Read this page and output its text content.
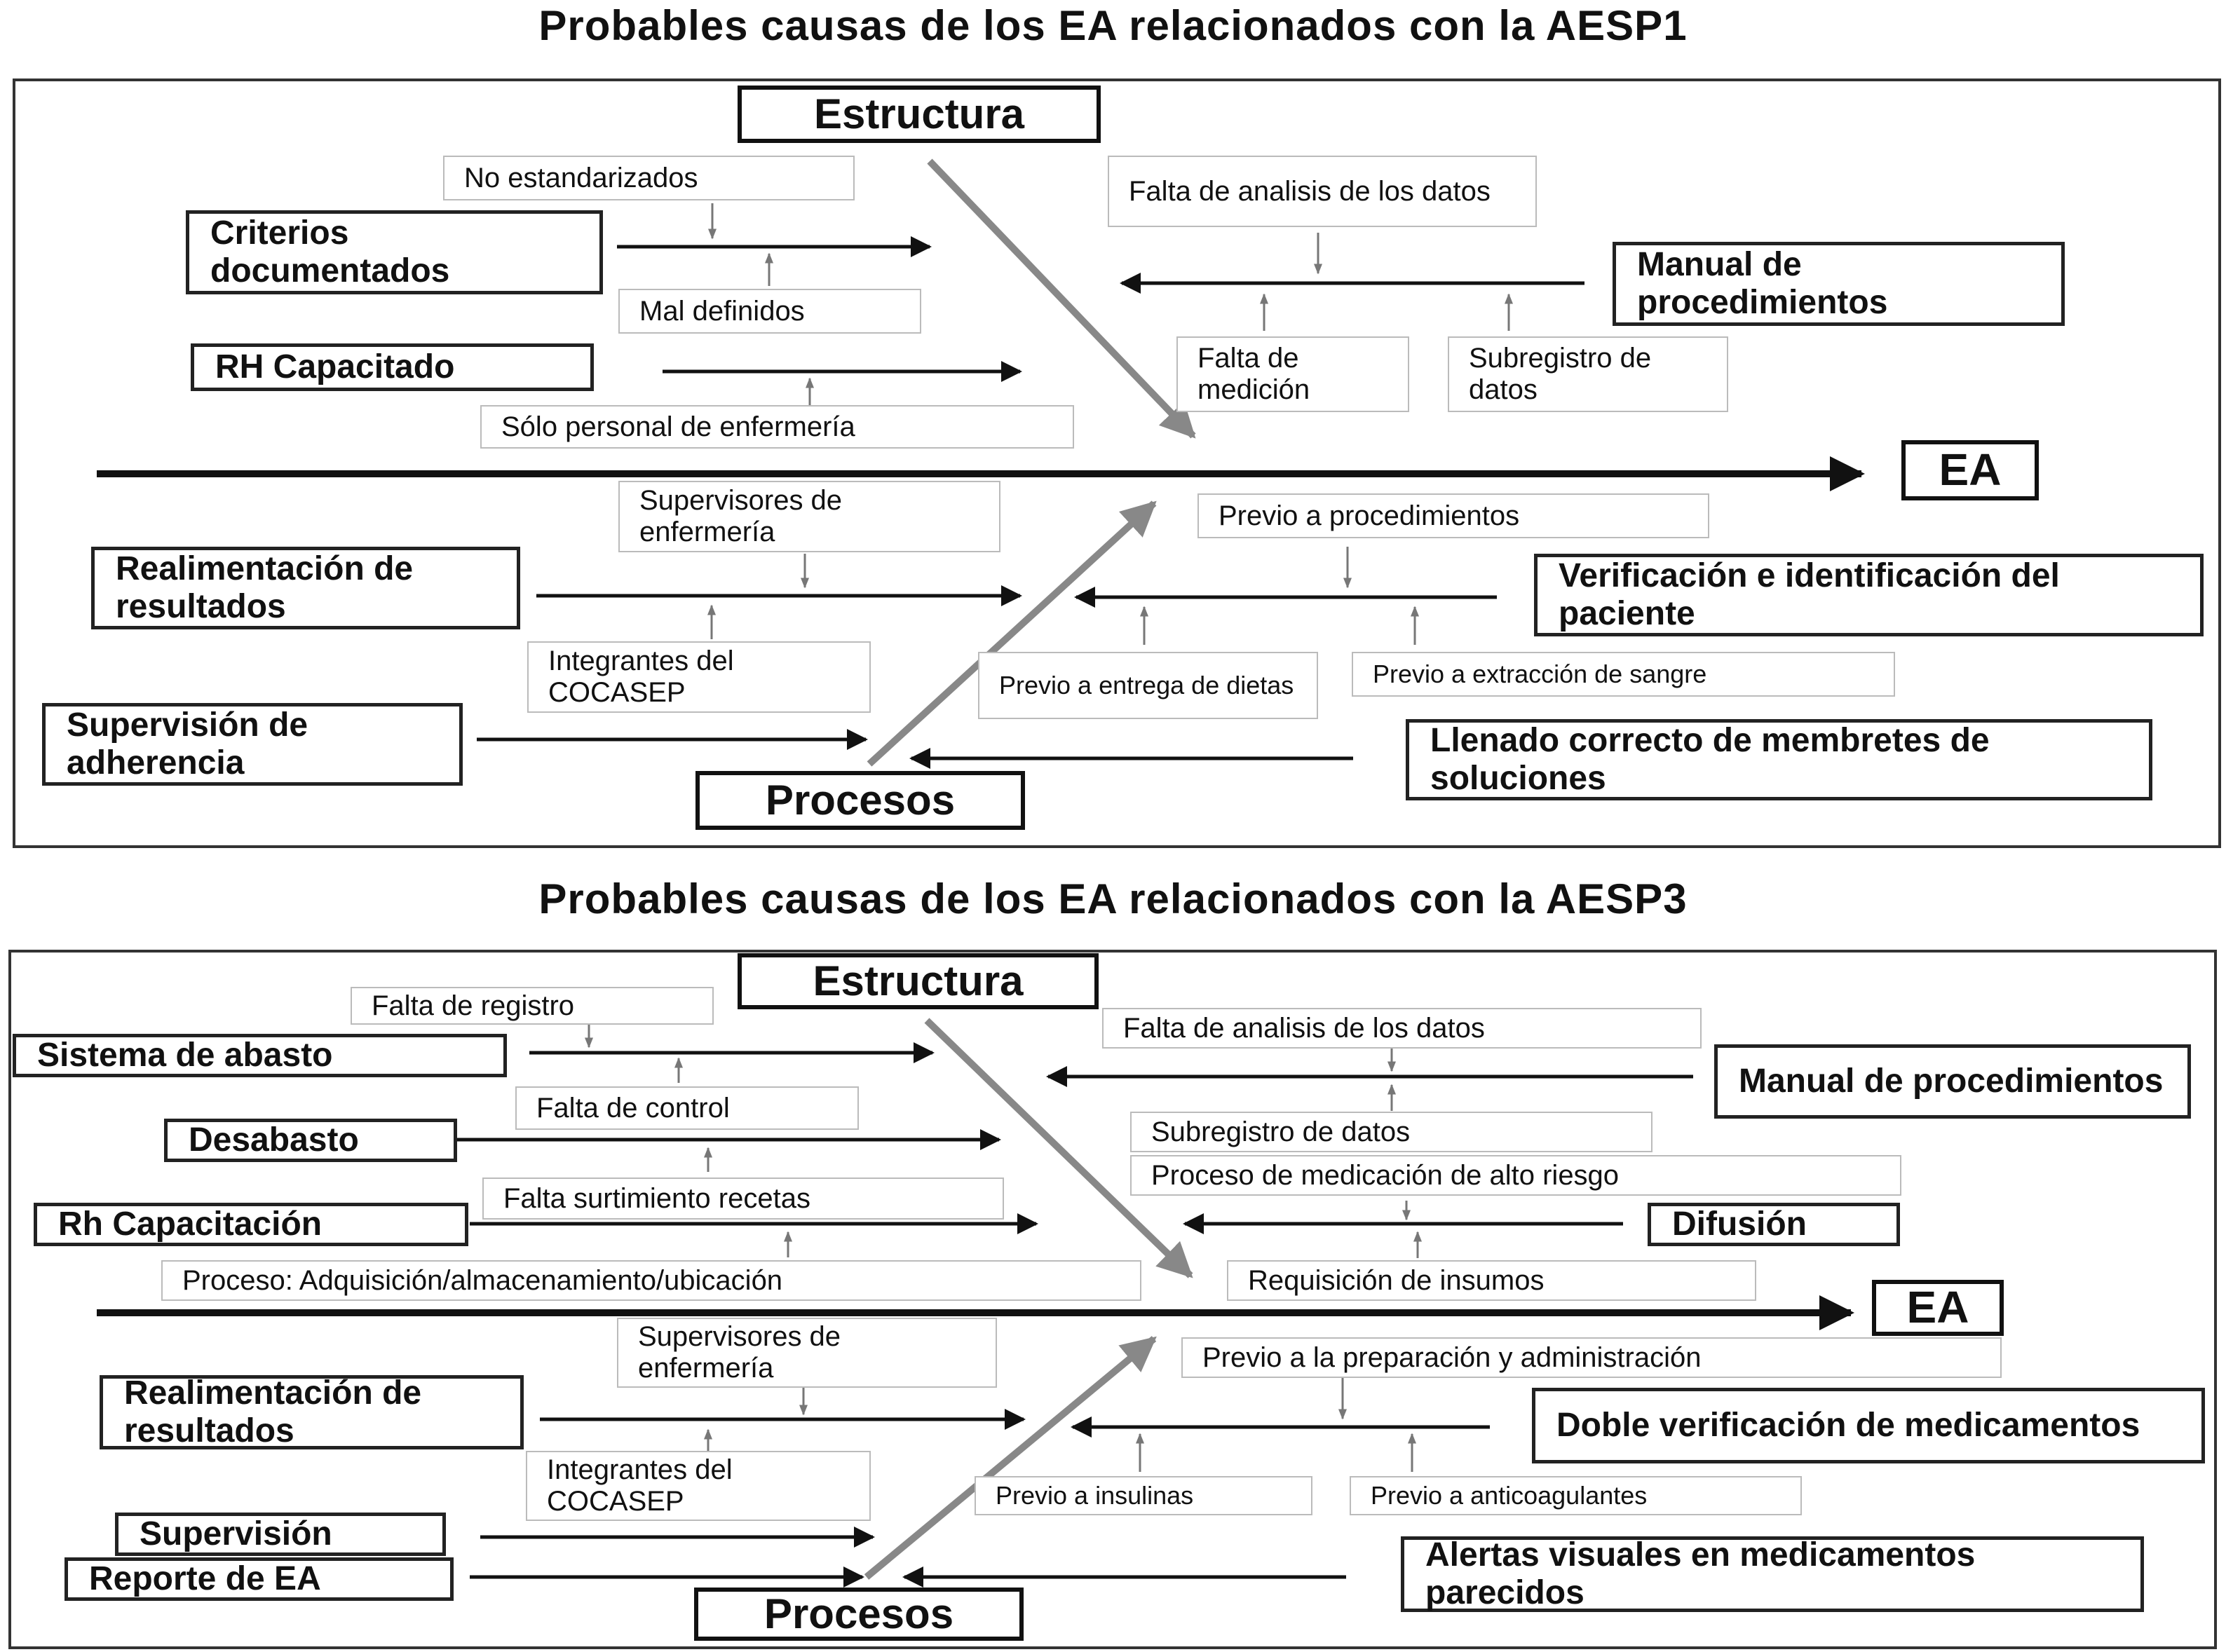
Probables causas de los EA relacionados con la AESP1
Probables causas de los EA relacionados con la AESP3
Estructura
Procesos
EA
Criterios documentados
RH Capacitado
Manual de procedimientos
Realimentación de resultados
Supervisión de adherencia
Verificación e identificación del paciente
Llenado correcto de membretes de soluciones
No estandarizados
Mal definidos
Sólo personal de enfermería
Falta de analisis de los datos
Falta de medición
Subregistro de datos
Supervisores de enfermería
Integrantes del COCASEP
Previo a procedimientos
Previo a entrega de dietas	Previo a extracción de sangre
Estructura
Procesos
EA
Sistema de abasto
Desabasto
Rh Capacitación
Manual de procedimientos
Difusión
Realimentación de resultados
Supervisión
Reporte de EA
Doble verificación de medicamentos
Alertas visuales en medicamentos parecidos
Falta de registro
Falta de control
Falta surtimiento recetas
Proceso: Adquisición/almacenamiento/ubicación
Falta de analisis de los datos
Subregistro de datos
Proceso de medicación de alto riesgo
Requisición de insumos
Supervisores de enfermería
Integrantes del COCASEP
Previo a la preparación y administración
Previo a insulinas	Previo a anticoagulantes
